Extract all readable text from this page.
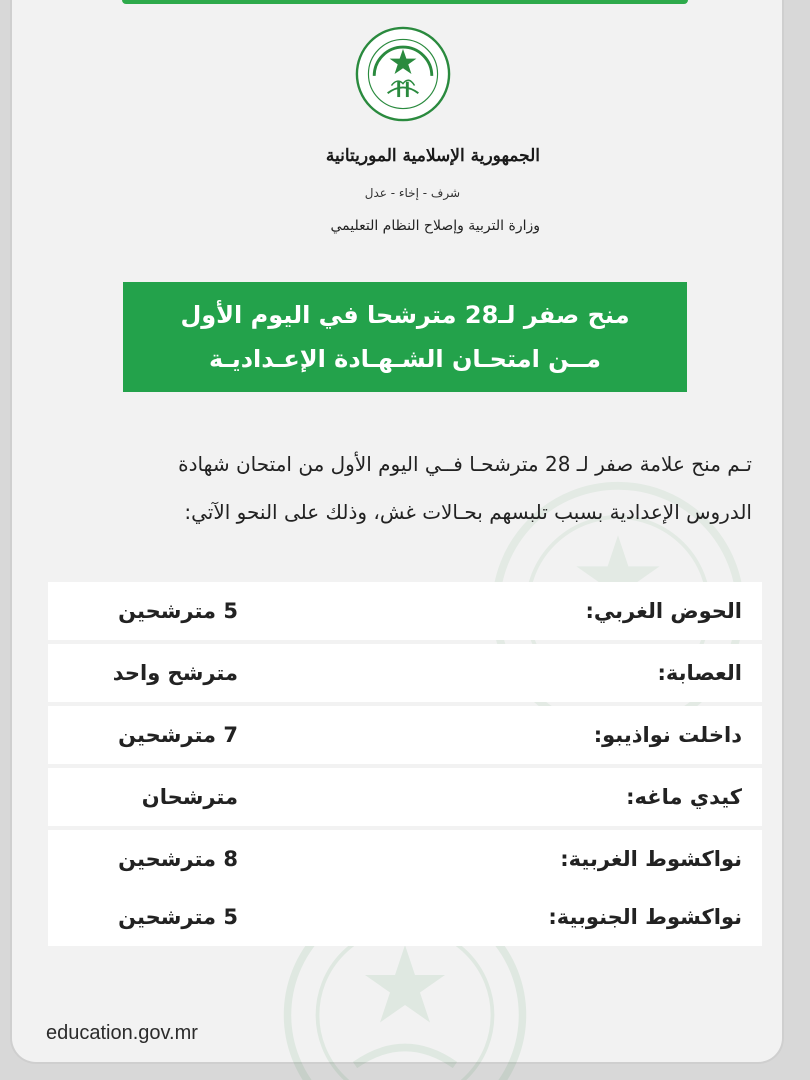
الجمهورية الإسلامية الموريتانية
شرف - إخاء - عدل
وزارة التربية وإصلاح النظام التعليمي
منح صفر لـ28 مترشحا في اليوم الأول
مــن امتحـان الشـهـادة الإعـداديـة
تـم منح علامة صفر لـ 28 مترشحـا فــي اليوم الأول من امتحان شهادة
الدروس الإعدادية بسبب تلبسهم بحـالات غش، وذلك على النحو الآتي:
الحوض الغربي:
5 مترشحين
العصابة:
مترشح واحد
داخلت نواذيبو:
7 مترشحين
كيدي ماغه:
مترشحان
نواكشوط الغربية:
8 مترشحين
نواكشوط الجنوبية:
5 مترشحين
education.gov.mr
